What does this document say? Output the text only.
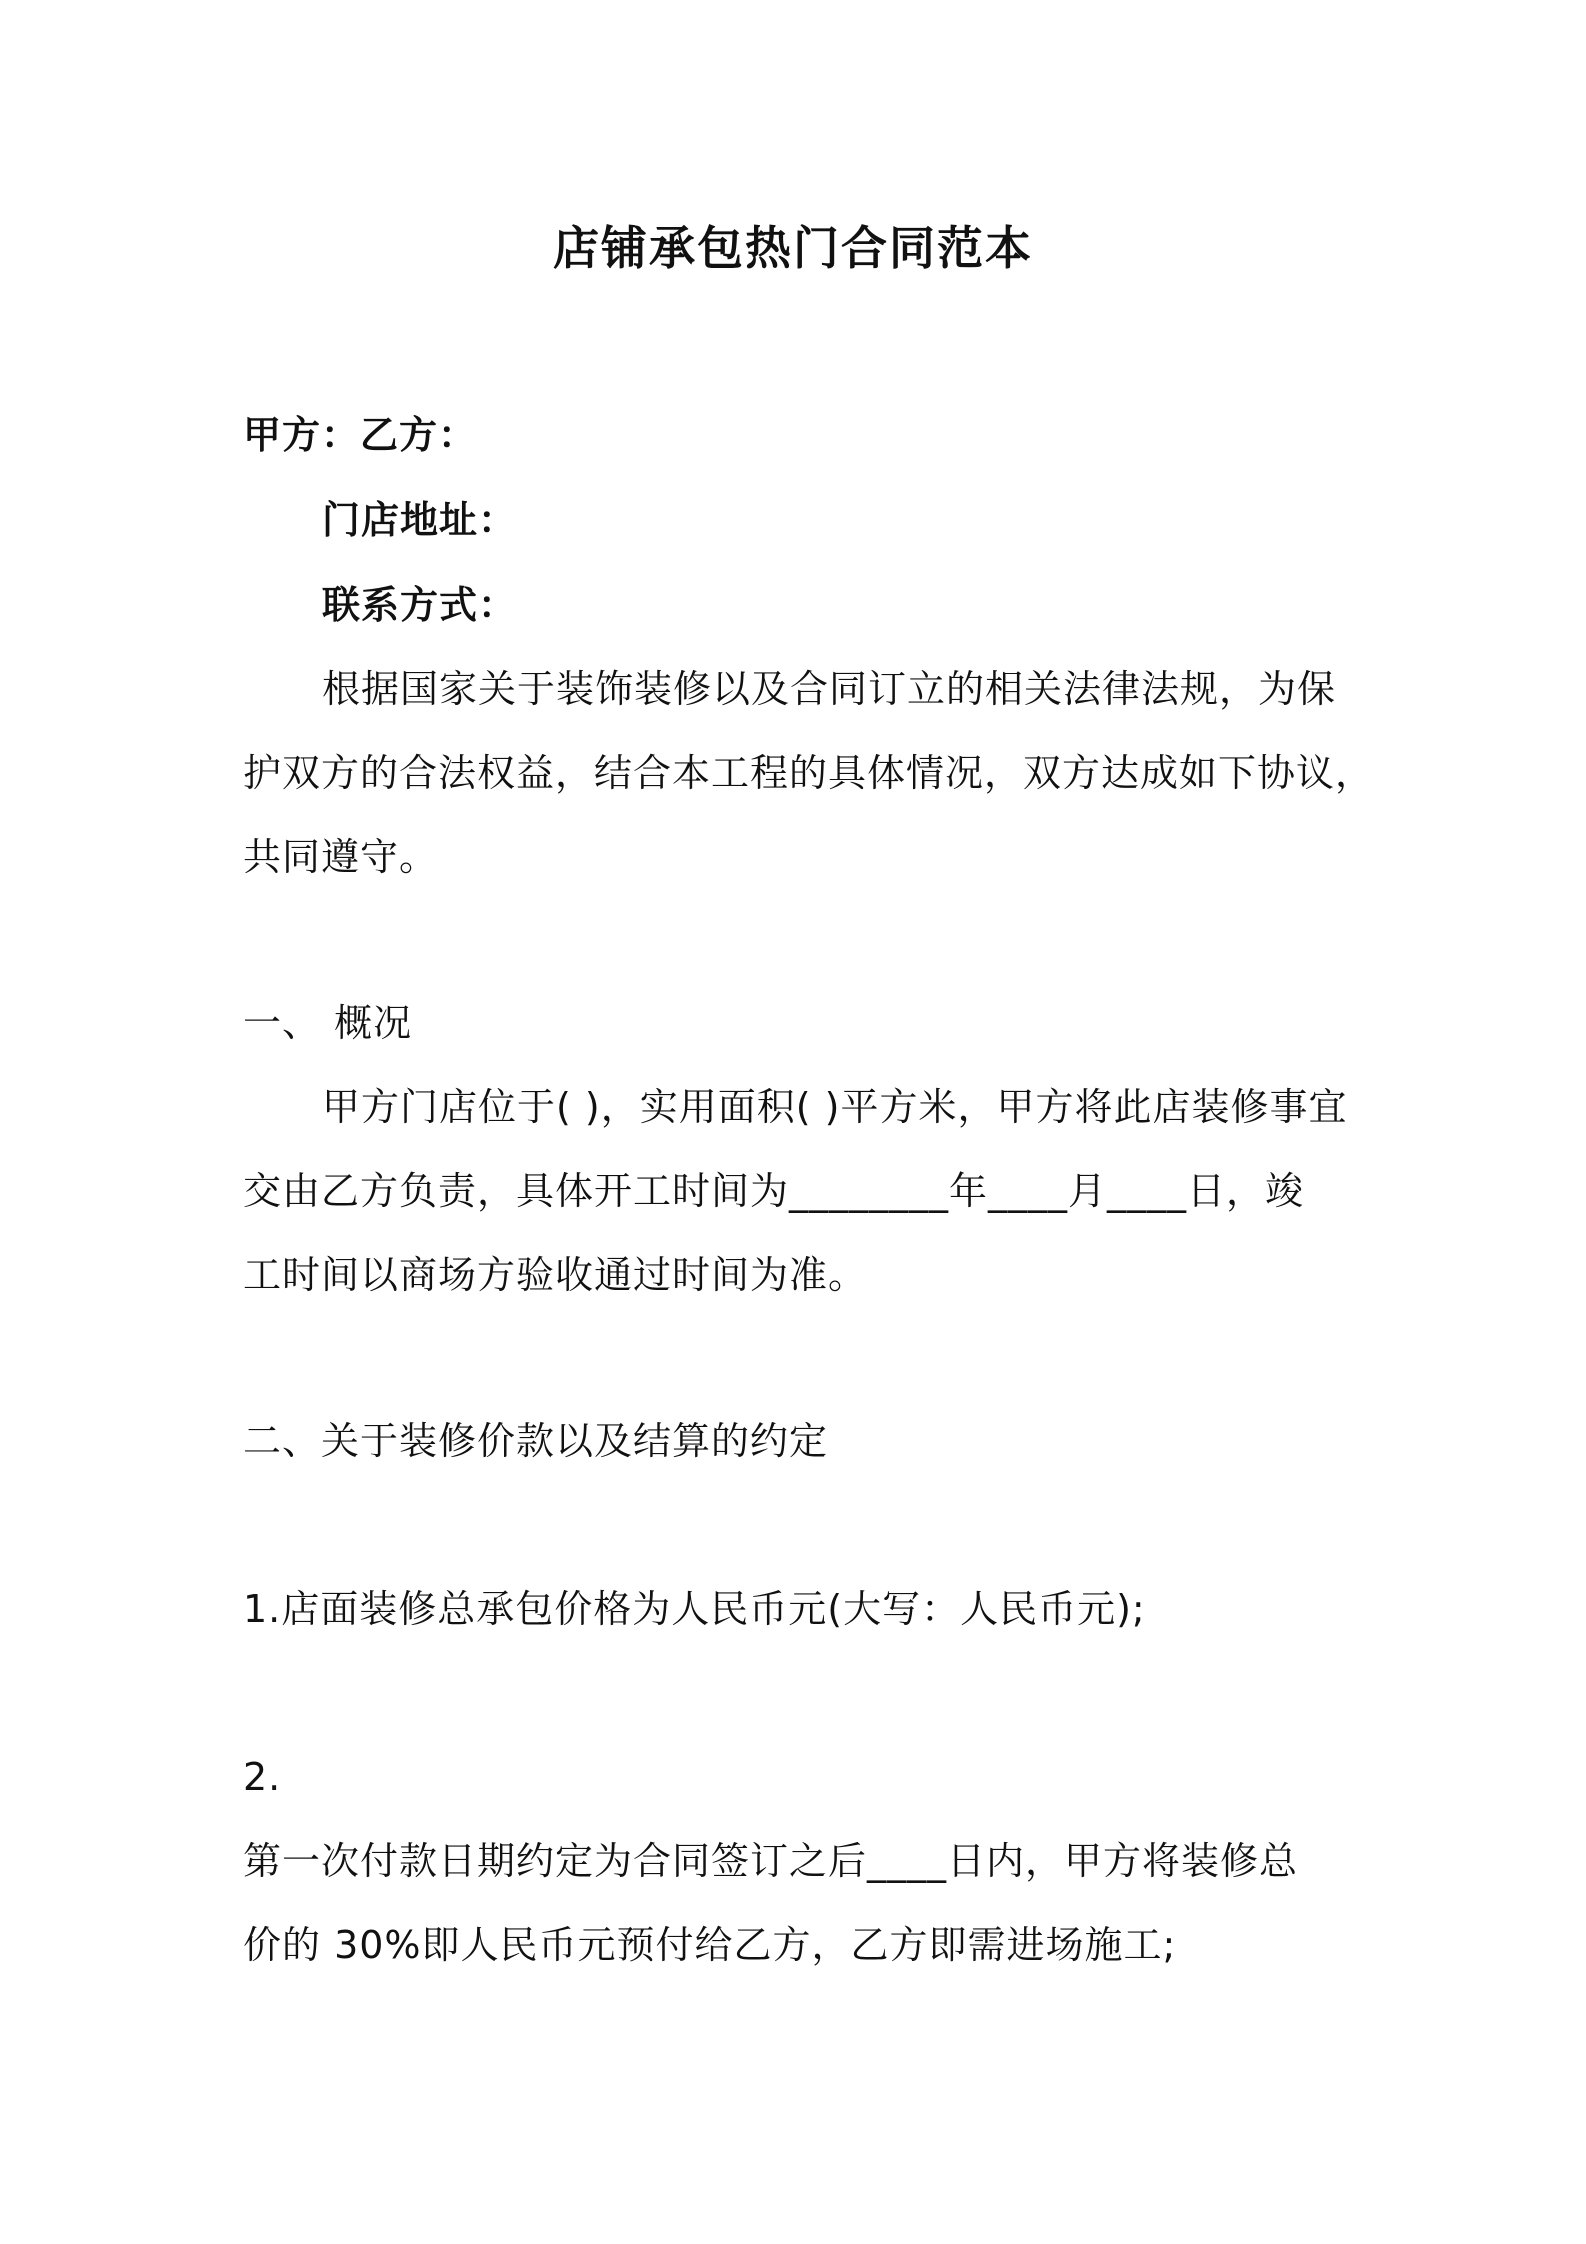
店铺承包热门合同范本
甲方：乙方：
门店地址：
联系方式：
根据国家关于装饰装修以及合同订立的相关法律法规，为保
护双方的合法权益，结合本工程的具体情况，双方达成如下协议，
共同遵守。
一、 概况
甲方门店位于( )，实用面积( )平方米，甲方将此店装修事宜
交由乙方负责，具体开工时间为________年____月____日，竣
工时间以商场方验收通过时间为准。
二、关于装修价款以及结算的约定
1.店面装修总承包价格为人民币元(大写：人民币元);
2.
第一次付款日期约定为合同签订之后____日内，甲方将装修总
价的 30%即人民币元预付给乙方，乙方即需进场施工;
